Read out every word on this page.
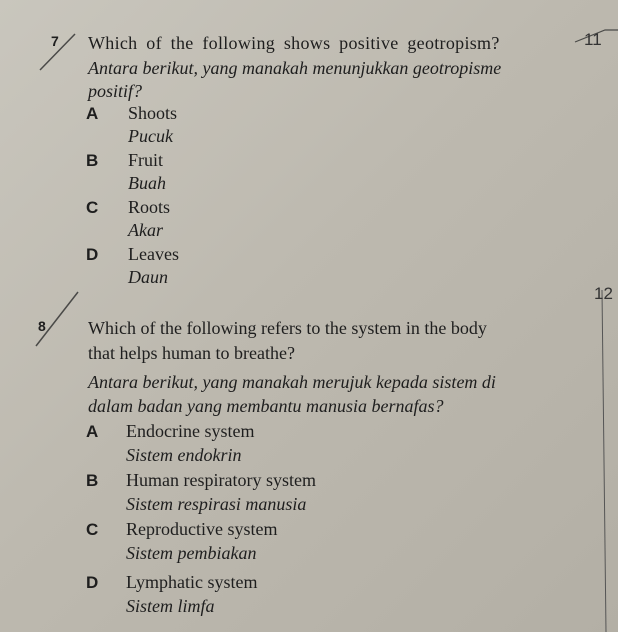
7 Which of the following shows positive geotropism?
Antara berikut, yang manakah menunjukkan geotropisme
positif?
A Shoots
Pucuk
B Fruit
Buah
C Roots
Akar
D Leaves
Daun
11
12
8 Which of the following refers to the system in the body
that helps human to breathe?
Antara berikut, yang manakah merujuk kepada sistem di
dalam badan yang membantu manusia bernafas?
A Endocrine system
Sistem endokrin
B Human respiratory system
Sistem respirasi manusia
C Reproductive system
Sistem pembiakan
D Lymphatic system
Sistem limfa
